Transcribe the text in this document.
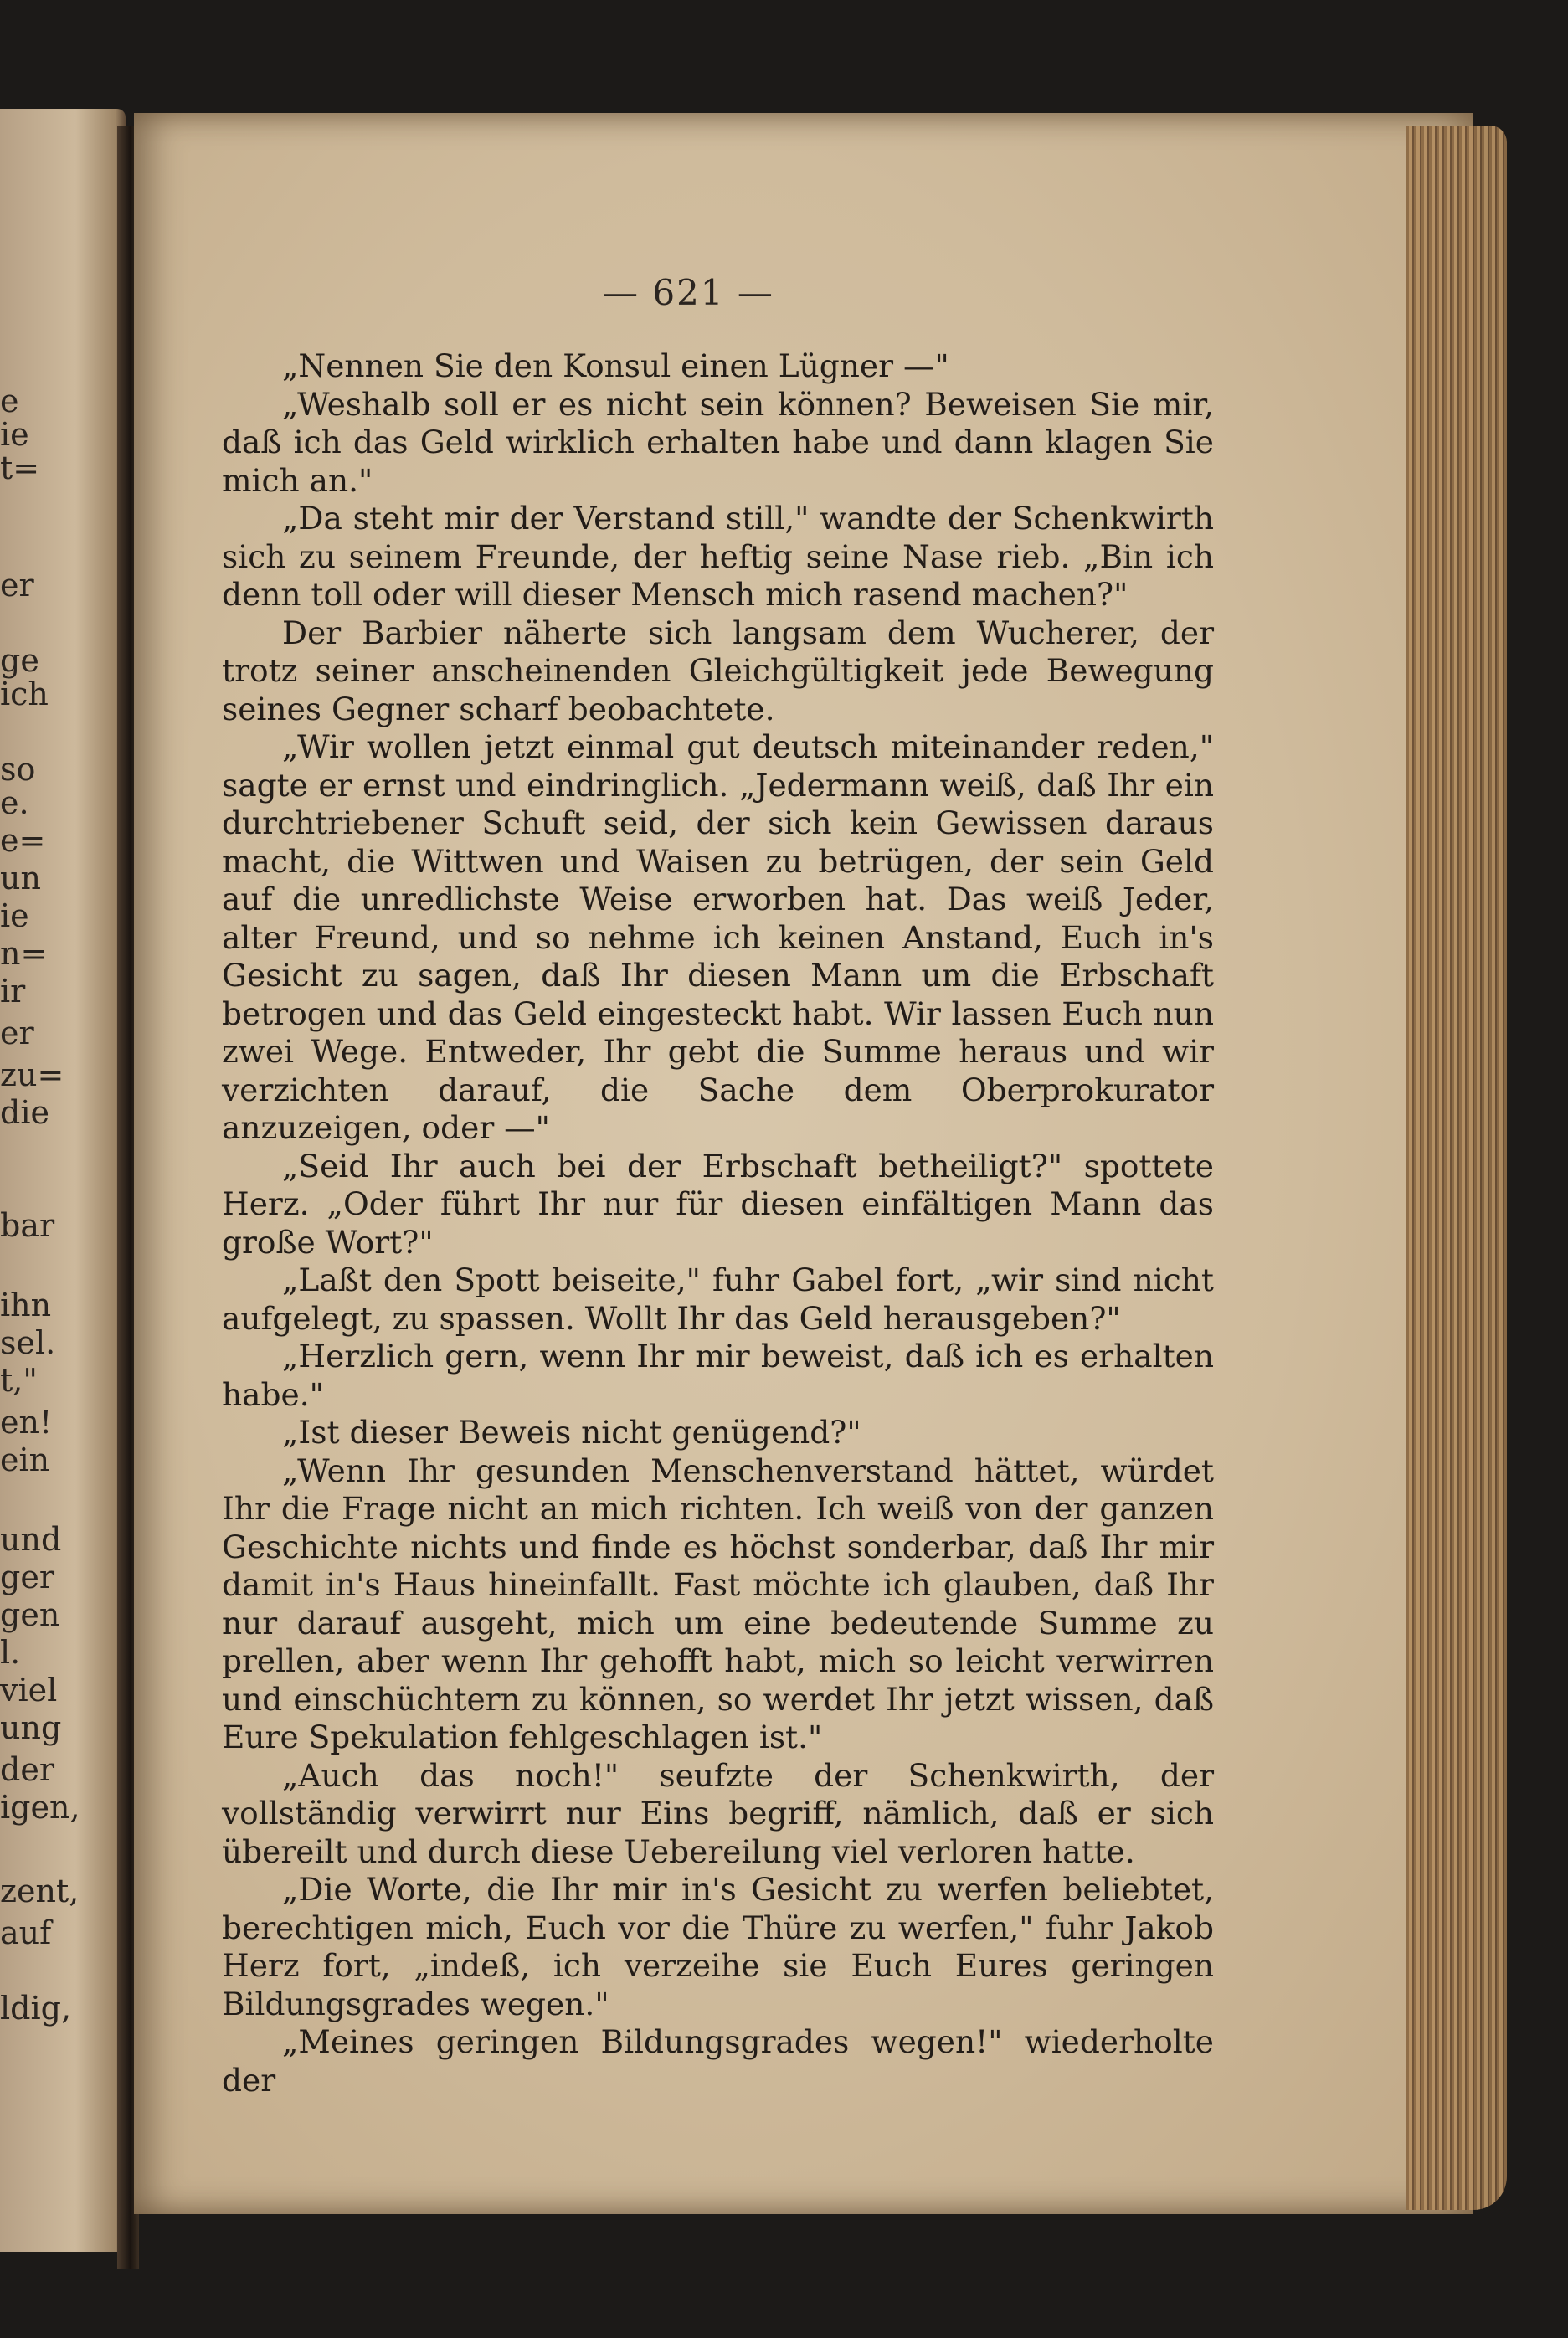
e
ie
t=
er
ge
ich
so
e.
e=
un
ie
n=
ir
er
zu=
die
bar
ihn
sel.
t,"
en!
ein
und
ger
gen
l.
viel
ung
der
igen,
zent,
auf
ldig,
— 621 —

„Nennen Sie den Konsul einen Lügner —"

„Weshalb soll er es nicht sein können? Beweisen Sie mir, daß ich das Geld wirklich erhalten habe und dann klagen Sie mich an."

„Da steht mir der Verstand still," wandte der Schenkwirth sich zu seinem Freunde, der heftig seine Nase rieb. „Bin ich denn toll oder will dieser Mensch mich rasend machen?"

Der Barbier näherte sich langsam dem Wucherer, der trotz seiner anscheinenden Gleichgültigkeit jede Bewegung seines Gegner scharf beobachtete.

„Wir wollen jetzt einmal gut deutsch miteinander reden," sagte er ernst und eindringlich. „Jedermann weiß, daß Ihr ein durchtriebener Schuft seid, der sich kein Gewissen daraus macht, die Wittwen und Waisen zu betrügen, der sein Geld auf die unredlichste Weise erworben hat. Das weiß Jeder, alter Freund, und so nehme ich keinen Anstand, Euch in's Gesicht zu sagen, daß Ihr diesen Mann um die Erbschaft betrogen und das Geld eingesteckt habt. Wir lassen Euch nun zwei Wege. Entweder, Ihr gebt die Summe heraus und wir verzichten darauf, die Sache dem Oberprokurator anzuzeigen, oder —"

„Seid Ihr auch bei der Erbschaft betheiligt?" spottete Herz. „Oder führt Ihr nur für diesen einfältigen Mann das große Wort?"

„Laßt den Spott beiseite," fuhr Gabel fort, „wir sind nicht aufgelegt, zu spassen. Wollt Ihr das Geld herausgeben?"

„Herzlich gern, wenn Ihr mir beweist, daß ich es erhalten habe."

„Ist dieser Beweis nicht genügend?"

„Wenn Ihr gesunden Menschenverstand hättet, würdet Ihr die Frage nicht an mich richten. Ich weiß von der ganzen Geschichte nichts und finde es höchst sonderbar, daß Ihr mir damit in's Haus hineinfallt. Fast möchte ich glauben, daß Ihr nur darauf ausgeht, mich um eine bedeutende Summe zu prellen, aber wenn Ihr gehofft habt, mich so leicht verwirren und einschüchtern zu können, so werdet Ihr jetzt wissen, daß Eure Spekulation fehlgeschlagen ist."

„Auch das noch!" seufzte der Schenkwirth, der vollständig verwirrt nur Eins begriff, nämlich, daß er sich übereilt und durch diese Uebereilung viel verloren hatte.

„Die Worte, die Ihr mir in's Gesicht zu werfen beliebtet, berechtigen mich, Euch vor die Thüre zu werfen," fuhr Jakob Herz fort, „indeß, ich verzeihe sie Euch Eures geringen Bildungsgrades wegen."

„Meines geringen Bildungsgrades wegen!" wiederholte der
